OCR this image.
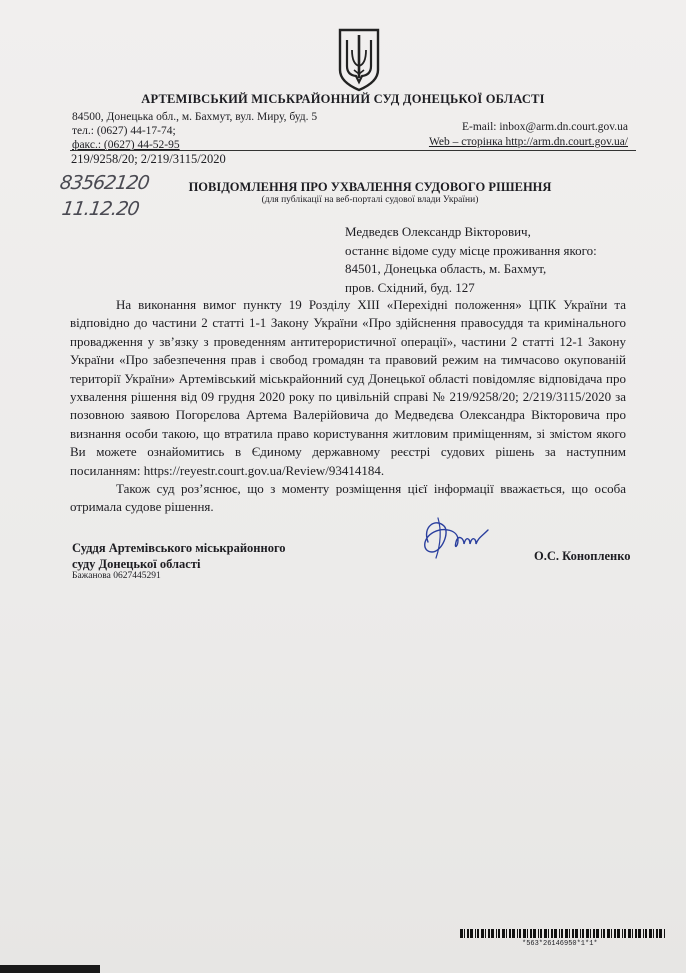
АРТЕМІВСЬКИЙ МІСЬКРАЙОННИЙ СУД ДОНЕЦЬКОЇ ОБЛАСТІ
84500, Донецька обл., м. Бахмут, вул. Миру, буд. 5
тел.: (0627) 44-17-74;
факс.: (0627) 44-52-95
E-mail: inbox@arm.dn.court.gov.ua
Web – сторінка http://arm.dn.court.gov.ua/
219/9258/20; 2/219/3115/2020
83562120
11.12.20
ПОВІДОМЛЕННЯ ПРО УХВАЛЕННЯ СУДОВОГО РІШЕННЯ
(для публікації на веб-порталі судової влади України)
Медведєв Олександр Вікторович,
останнє відоме суду місце проживання якого:
84501, Донецька область, м. Бахмут,
пров. Східний, буд. 127

На виконання вимог пункту 19 Розділу XIII «Перехідні положення» ЦПК України та відповідно до частини 2 статті 1-1 Закону України «Про здійснення правосуддя та кримінального провадження у зв’язку з проведенням антитерористичної операції», частини 2 статті 12-1 Закону України «Про забезпечення прав і свобод громадян та правовий режим на тимчасово окупованій території України» Артемівський міськрайонний суд Донецької області повідомляє відповідача про ухвалення рішення від 09 грудня 2020 року по цивільній справі № 219/9258/20; 2/219/3115/2020 за позовною заявою Погорєлова Артема Валерійовича до Медведєва Олександра Вікторовича про визнання особи такою, що втратила право користування житловим приміщенням, зі змістом якого Ви можете ознайомитись в Єдиному державному реєстрі судових рішень за наступним посиланням: https://reyestr.court.gov.ua/Review/93414184.

Також суд роз’яснює, що з моменту розміщення цієї інформації вважається, що особа отримала судове рішення.

Суддя Артемівського міськрайонного
суду Донецької області
Бажанова 0627445291
О.С. Конопленко
*563*26146950*1*1*
